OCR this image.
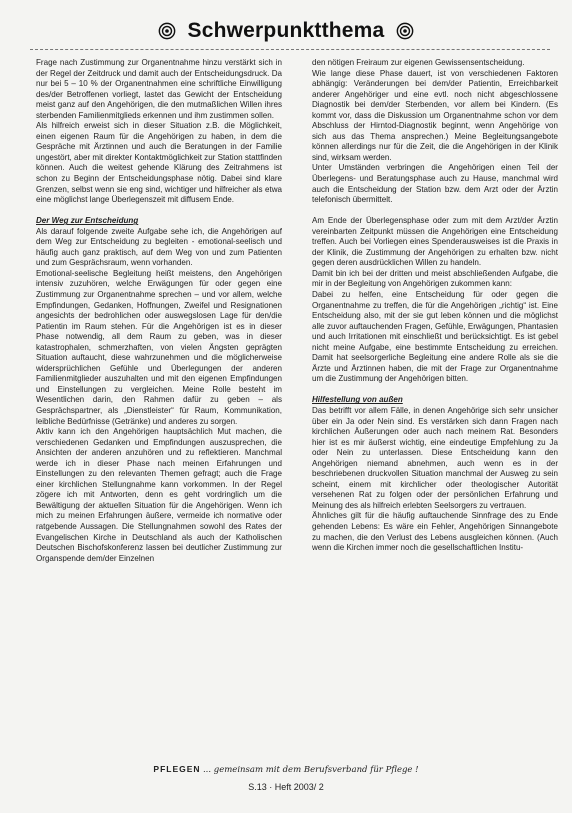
Schwerpunktthema

Frage nach Zustimmung zur Organentnahme hinzu verstärkt sich in der Regel der Zeitdruck und damit auch der Entscheidungsdruck. Da nur bei 5 – 10 % der Organentnahmen eine schriftliche Einwilligung des/der Betroffenen vorliegt, lastet das Gewicht der Entscheidung meist ganz auf den Angehörigen, die den mutmaßlichen Willen ihres sterbenden Familienmitglieds erkennen und ihm zustimmen sollen.

Als hilfreich erweist sich in dieser Situation z.B. die Möglichkeit, einen eigenen Raum für die Angehörigen zu haben, in dem die Gespräche mit Ärztinnen und auch die Beratungen in der Familie ungestört, aber mit direkter Kontaktmöglichkeit zur Station stattfinden können. Auch die weitest gehende Klärung des Zeitrahmens ist schon zu Beginn der Entscheidungsphase nötig. Dabei sind klare Grenzen, selbst wenn sie eng sind, wichtiger und hilfreicher als etwa eine möglichst lange Überlegenszeit mit diffusem Ende.

Der Weg zur Entscheidung

Als darauf folgende zweite Aufgabe sehe ich, die Angehörigen auf dem Weg zur Entscheidung zu begleiten - emotional-seelisch und häufig auch ganz praktisch, auf dem Weg von und zum Patienten und zum Gesprächsraum, wenn vorhanden.

Emotional-seelische Begleitung heißt meistens, den Angehörigen intensiv zuzuhören, welche Erwägungen für oder gegen eine Zustimmung zur Organentnahme sprechen – und vor allem, welche Empfindungen, Gedanken, Hoffnungen, Zweifel und Resignationen angesichts der bedrohlichen oder auswegslosen Lage für den/die Patientin im Raum stehen. Für die Angehörigen ist es in dieser Phase notwendig, all dem Raum zu geben, was in dieser katastrophalen, schmerzhaften, von vielen Ängsten geprägten Situation auftaucht, diese wahrzunehmen und die möglicherweise widersprüchlichen Gefühle und Überlegungen der anderen Familienmitglieder auszuhalten und mit den eigenen Empfindungen und Einstellungen zu vergleichen. Meine Rolle besteht im Wesentlichen darin, den Rahmen dafür zu geben – als Gesprächspartner, als „Dienstleister“ für Raum, Kommunikation, leibliche Bedürfnisse (Getränke) und anderes zu sorgen.

Aktiv kann ich den Angehörigen hauptsächlich Mut machen, die verschiedenen Gedanken und Empfindungen auszusprechen, die Ansichten der anderen anzuhören und zu reflektieren. Manchmal werde ich in dieser Phase nach meinen Erfahrungen und Einstellungen zu den relevanten Themen gefragt; auch die Frage einer kirchlichen Stellungnahme kann vorkommen. In der Regel zögere ich mit Antworten, denn es geht vordringlich um die Bewältigung der aktuellen Situation für die Angehörigen. Wenn ich mich zu meinen Erfahrungen äußere, vermeide ich normative oder ratgebende Aussagen. Die Stellungnahmen sowohl des Rates der Evangelischen Kirche in Deutschland als auch der Katholischen Deutschen Bischofskonferenz lassen bei deutlicher Zustimmung zur Organspende dem/der Einzelnen

den nötigen Freiraum zur eigenen Gewissensentscheidung.

Wie lange diese Phase dauert, ist von verschiedenen Faktoren abhängig: Veränderungen bei dem/der Patientin, Erreichbarkeit anderer Angehöriger und eine evtl. noch nicht abgeschlossene Diagnostik bei dem/der Sterbenden, vor allem bei Kindern. (Es kommt vor, dass die Diskussion um Organentnahme schon vor dem Abschluss der Hirntod-Diagnostik beginnt, wenn Angehörige von sich aus das Thema ansprechen.) Meine Begleitungsangebote können allerdings nur für die Zeit, die die Angehörigen in der Klinik sind, wirksam werden.

Unter Umständen verbringen die Angehörigen einen Teil der Überlegens- und Beratungsphase auch zu Hause, manchmal wird auch die Entscheidung der Station bzw. dem Arzt oder der Ärztin telefonisch übermittelt.

Am Ende der Überlegensphase oder zum mit dem Arzt/der Ärztin vereinbarten Zeitpunkt müssen die Angehörigen eine Entscheidung treffen. Auch bei Vorliegen eines Spenderausweises ist die Praxis in der Klinik, die Zustimmung der Angehörigen zu erhalten bzw. nicht gegen deren ausdrücklichen Willen zu handeln.

Damit bin ich bei der dritten und meist abschließenden Aufgabe, die mir in der Begleitung von Angehörigen zukommen kann:

Dabei zu helfen, eine Entscheidung für oder gegen die Organentnahme zu treffen, die für die Angehörigen „richtig“ ist. Eine Entscheidung also, mit der sie gut leben können und die möglichst alle zuvor auftauchenden Fragen, Gefühle, Erwägungen, Phantasien und auch Irritationen mit einschließt und berücksichtigt. Es ist gebel nicht meine Aufgabe, eine bestimmte Entscheidung zu erreichen. Damit hat seelsorgerliche Begleitung eine andere Rolle als sie die Ärzte und Ärztinnen haben, die mit der Frage zur Organentnahme um die Zustimmung der Angehörigen bitten.

Hilfestellung von außen

Das betrifft vor allem Fälle, in denen Angehörige sich sehr unsicher über ein Ja oder Nein sind. Es verstärken sich dann Fragen nach kirchlichen Äußerungen oder auch nach meinem Rat. Besonders hier ist es mir äußerst wichtig, eine eindeutige Empfehlung zu Ja oder Nein zu unterlassen. Diese Entscheidung kann den Angehörigen niemand abnehmen, auch wenn es in der beschriebenen druckvollen Situation manchmal der Ausweg zu sein scheint, einem mit kirchlicher oder theologischer Autorität versehenen Rat zu folgen oder der persönlichen Erfahrung und Meinung des als hilfreich erlebten Seelsorgers zu vertrauen.

Ähnliches gilt für die häufig auftauchende Sinnfrage des zu Ende gehenden Lebens: Es wäre ein Fehler, Angehörigen Sinnangebote zu machen, die den Verlust des Lebens ausgleichen können. (Auch wenn die Kirchen immer noch die gesellschaftlichen Institu-

PFLEGEN ... gemeinsam mit dem Berufsverband für Pflege !
S.13 · Heft 2003/ 2
